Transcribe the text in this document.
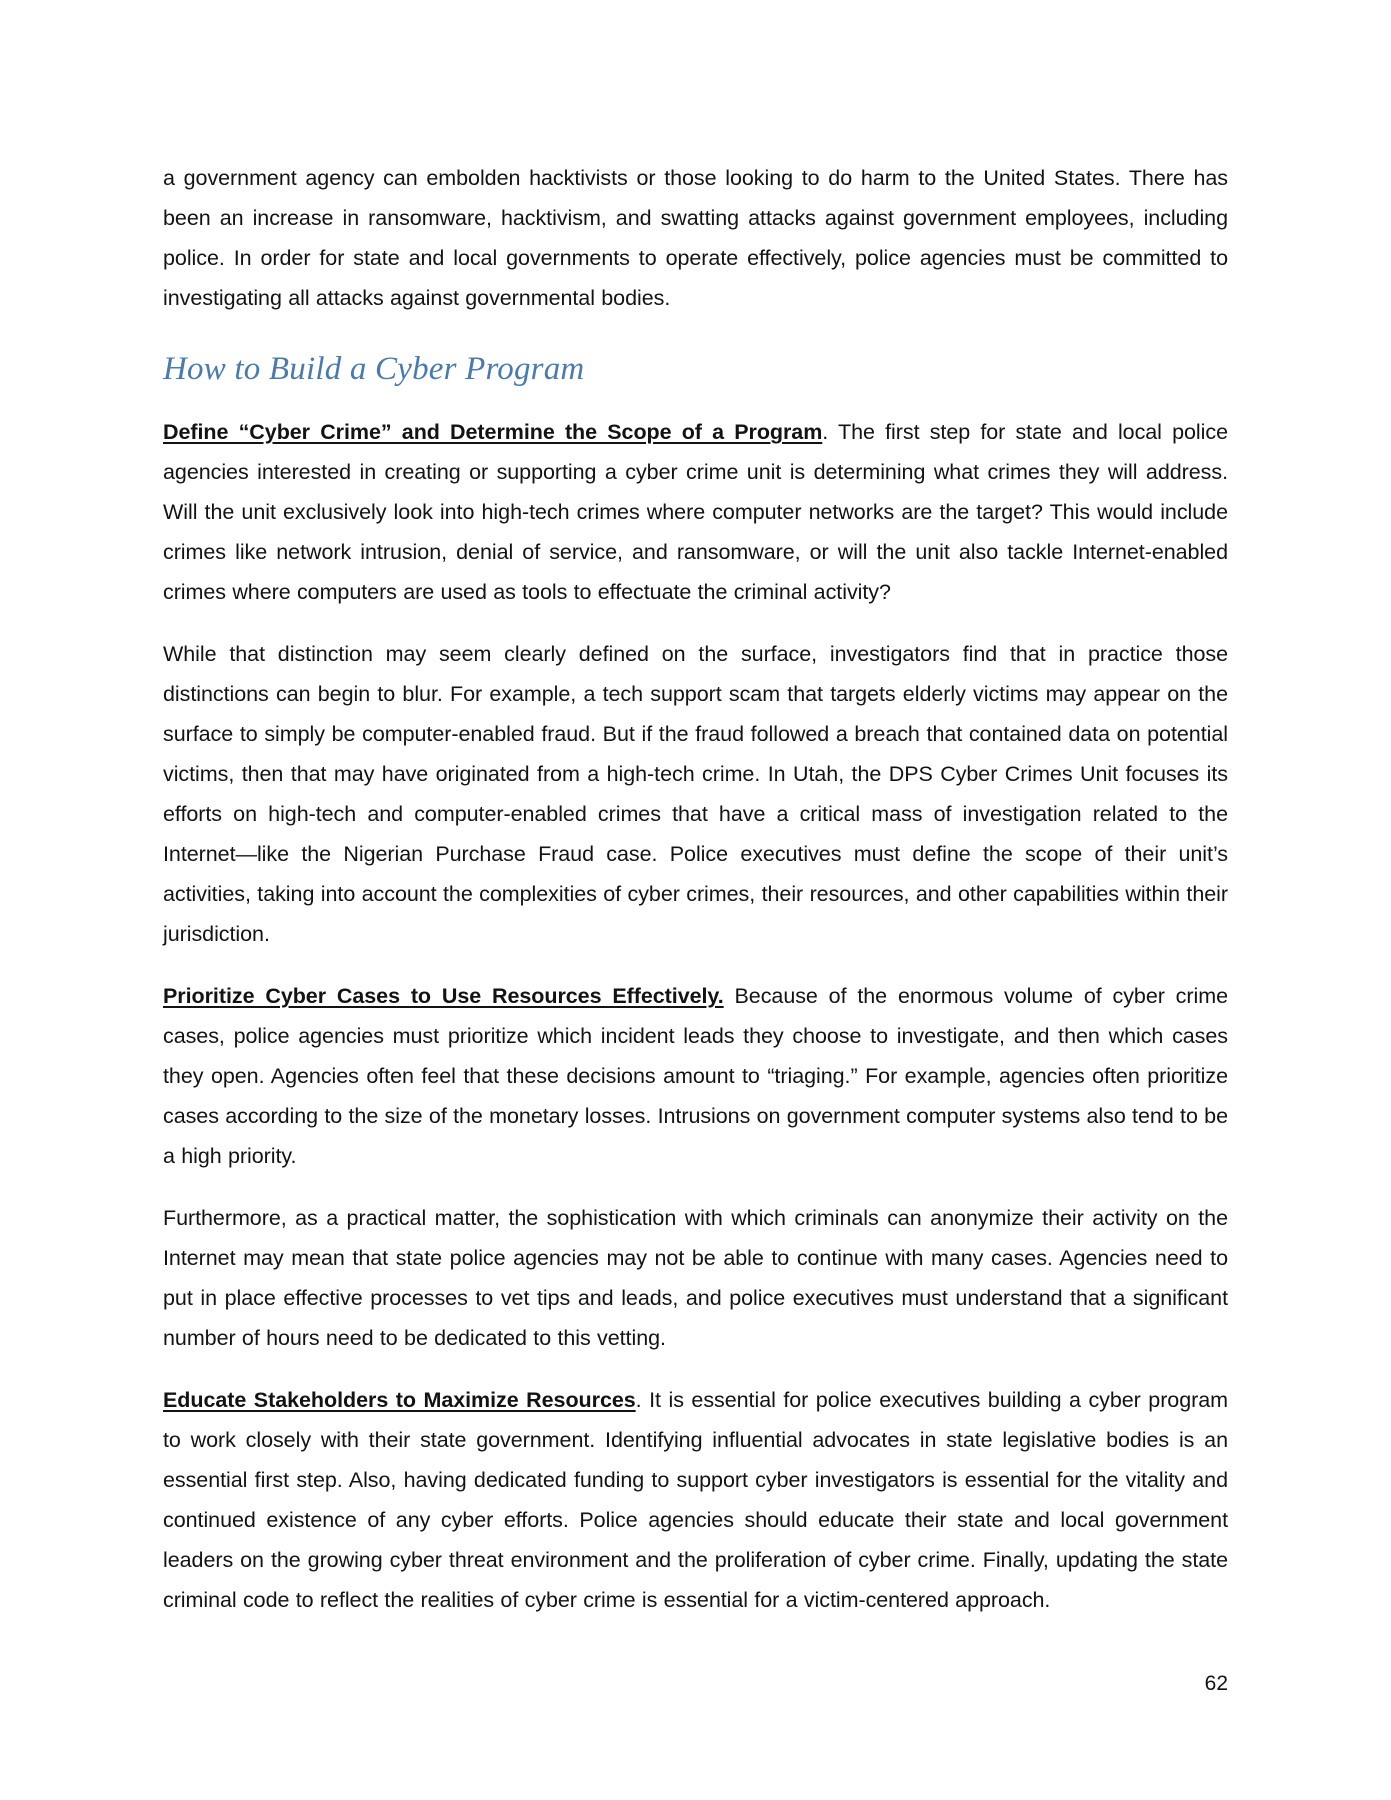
a government agency can embolden hacktivists or those looking to do harm to the United States. There has been an increase in ransomware, hacktivism, and swatting attacks against government employees, including police. In order for state and local governments to operate effectively, police agencies must be committed to investigating all attacks against governmental bodies.

How to Build a Cyber Program

Define “Cyber Crime” and Determine the Scope of a Program. The first step for state and local police agencies interested in creating or supporting a cyber crime unit is determining what crimes they will address. Will the unit exclusively look into high-tech crimes where computer networks are the target? This would include crimes like network intrusion, denial of service, and ransomware, or will the unit also tackle Internet-enabled crimes where computers are used as tools to effectuate the criminal activity?

While that distinction may seem clearly defined on the surface, investigators find that in practice those distinctions can begin to blur. For example, a tech support scam that targets elderly victims may appear on the surface to simply be computer-enabled fraud. But if the fraud followed a breach that contained data on potential victims, then that may have originated from a high-tech crime. In Utah, the DPS Cyber Crimes Unit focuses its efforts on high-tech and computer-enabled crimes that have a critical mass of investigation related to the Internet—like the Nigerian Purchase Fraud case. Police executives must define the scope of their unit’s activities, taking into account the complexities of cyber crimes, their resources, and other capabilities within their jurisdiction.

Prioritize Cyber Cases to Use Resources Effectively. Because of the enormous volume of cyber crime cases, police agencies must prioritize which incident leads they choose to investigate, and then which cases they open. Agencies often feel that these decisions amount to “triaging.” For example, agencies often prioritize cases according to the size of the monetary losses. Intrusions on government computer systems also tend to be a high priority.

Furthermore, as a practical matter, the sophistication with which criminals can anonymize their activity on the Internet may mean that state police agencies may not be able to continue with many cases. Agencies need to put in place effective processes to vet tips and leads, and police executives must understand that a significant number of hours need to be dedicated to this vetting.

Educate Stakeholders to Maximize Resources. It is essential for police executives building a cyber program to work closely with their state government. Identifying influential advocates in state legislative bodies is an essential first step. Also, having dedicated funding to support cyber investigators is essential for the vitality and continued existence of any cyber efforts. Police agencies should educate their state and local government leaders on the growing cyber threat environment and the proliferation of cyber crime. Finally, updating the state criminal code to reflect the realities of cyber crime is essential for a victim-centered approach.

62
